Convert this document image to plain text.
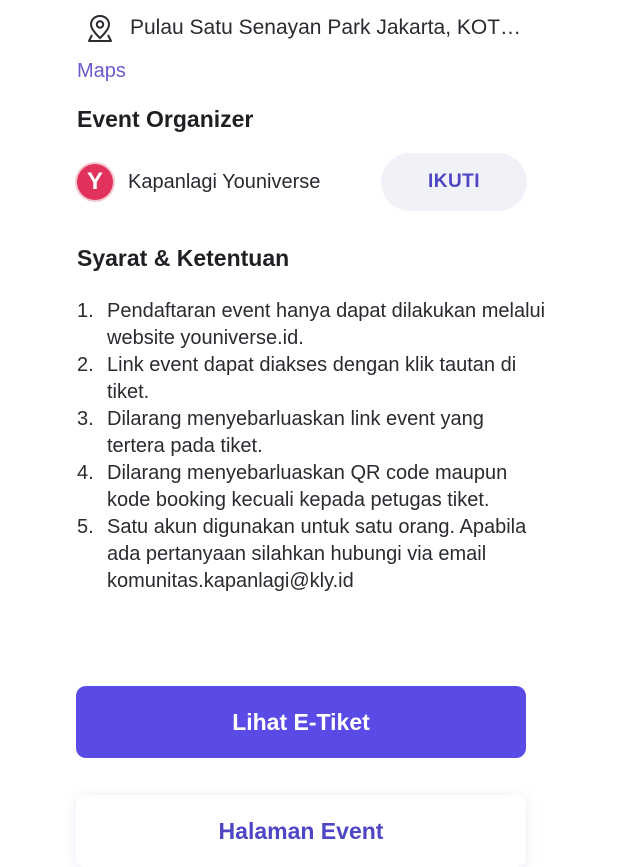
Pulau Satu Senayan Park Jakarta, KOT…
Maps
Event Organizer
Y	Kapanlagi Youniverse	IKUTI
Syarat & Ketentuan
1. Pendaftaran event hanya dapat dilakukan melalui website youniverse.id.
2. Link event dapat diakses dengan klik tautan di tiket.
3. Dilarang menyebarluaskan link event yang tertera pada tiket.
4. Dilarang menyebarluaskan QR code maupun kode booking kecuali kepada petugas tiket.
5. Satu akun digunakan untuk satu orang. Apabila ada pertanyaan silahkan hubungi via email komunitas.kapanlagi@kly.id
Lihat E-Tiket
Halaman Event
